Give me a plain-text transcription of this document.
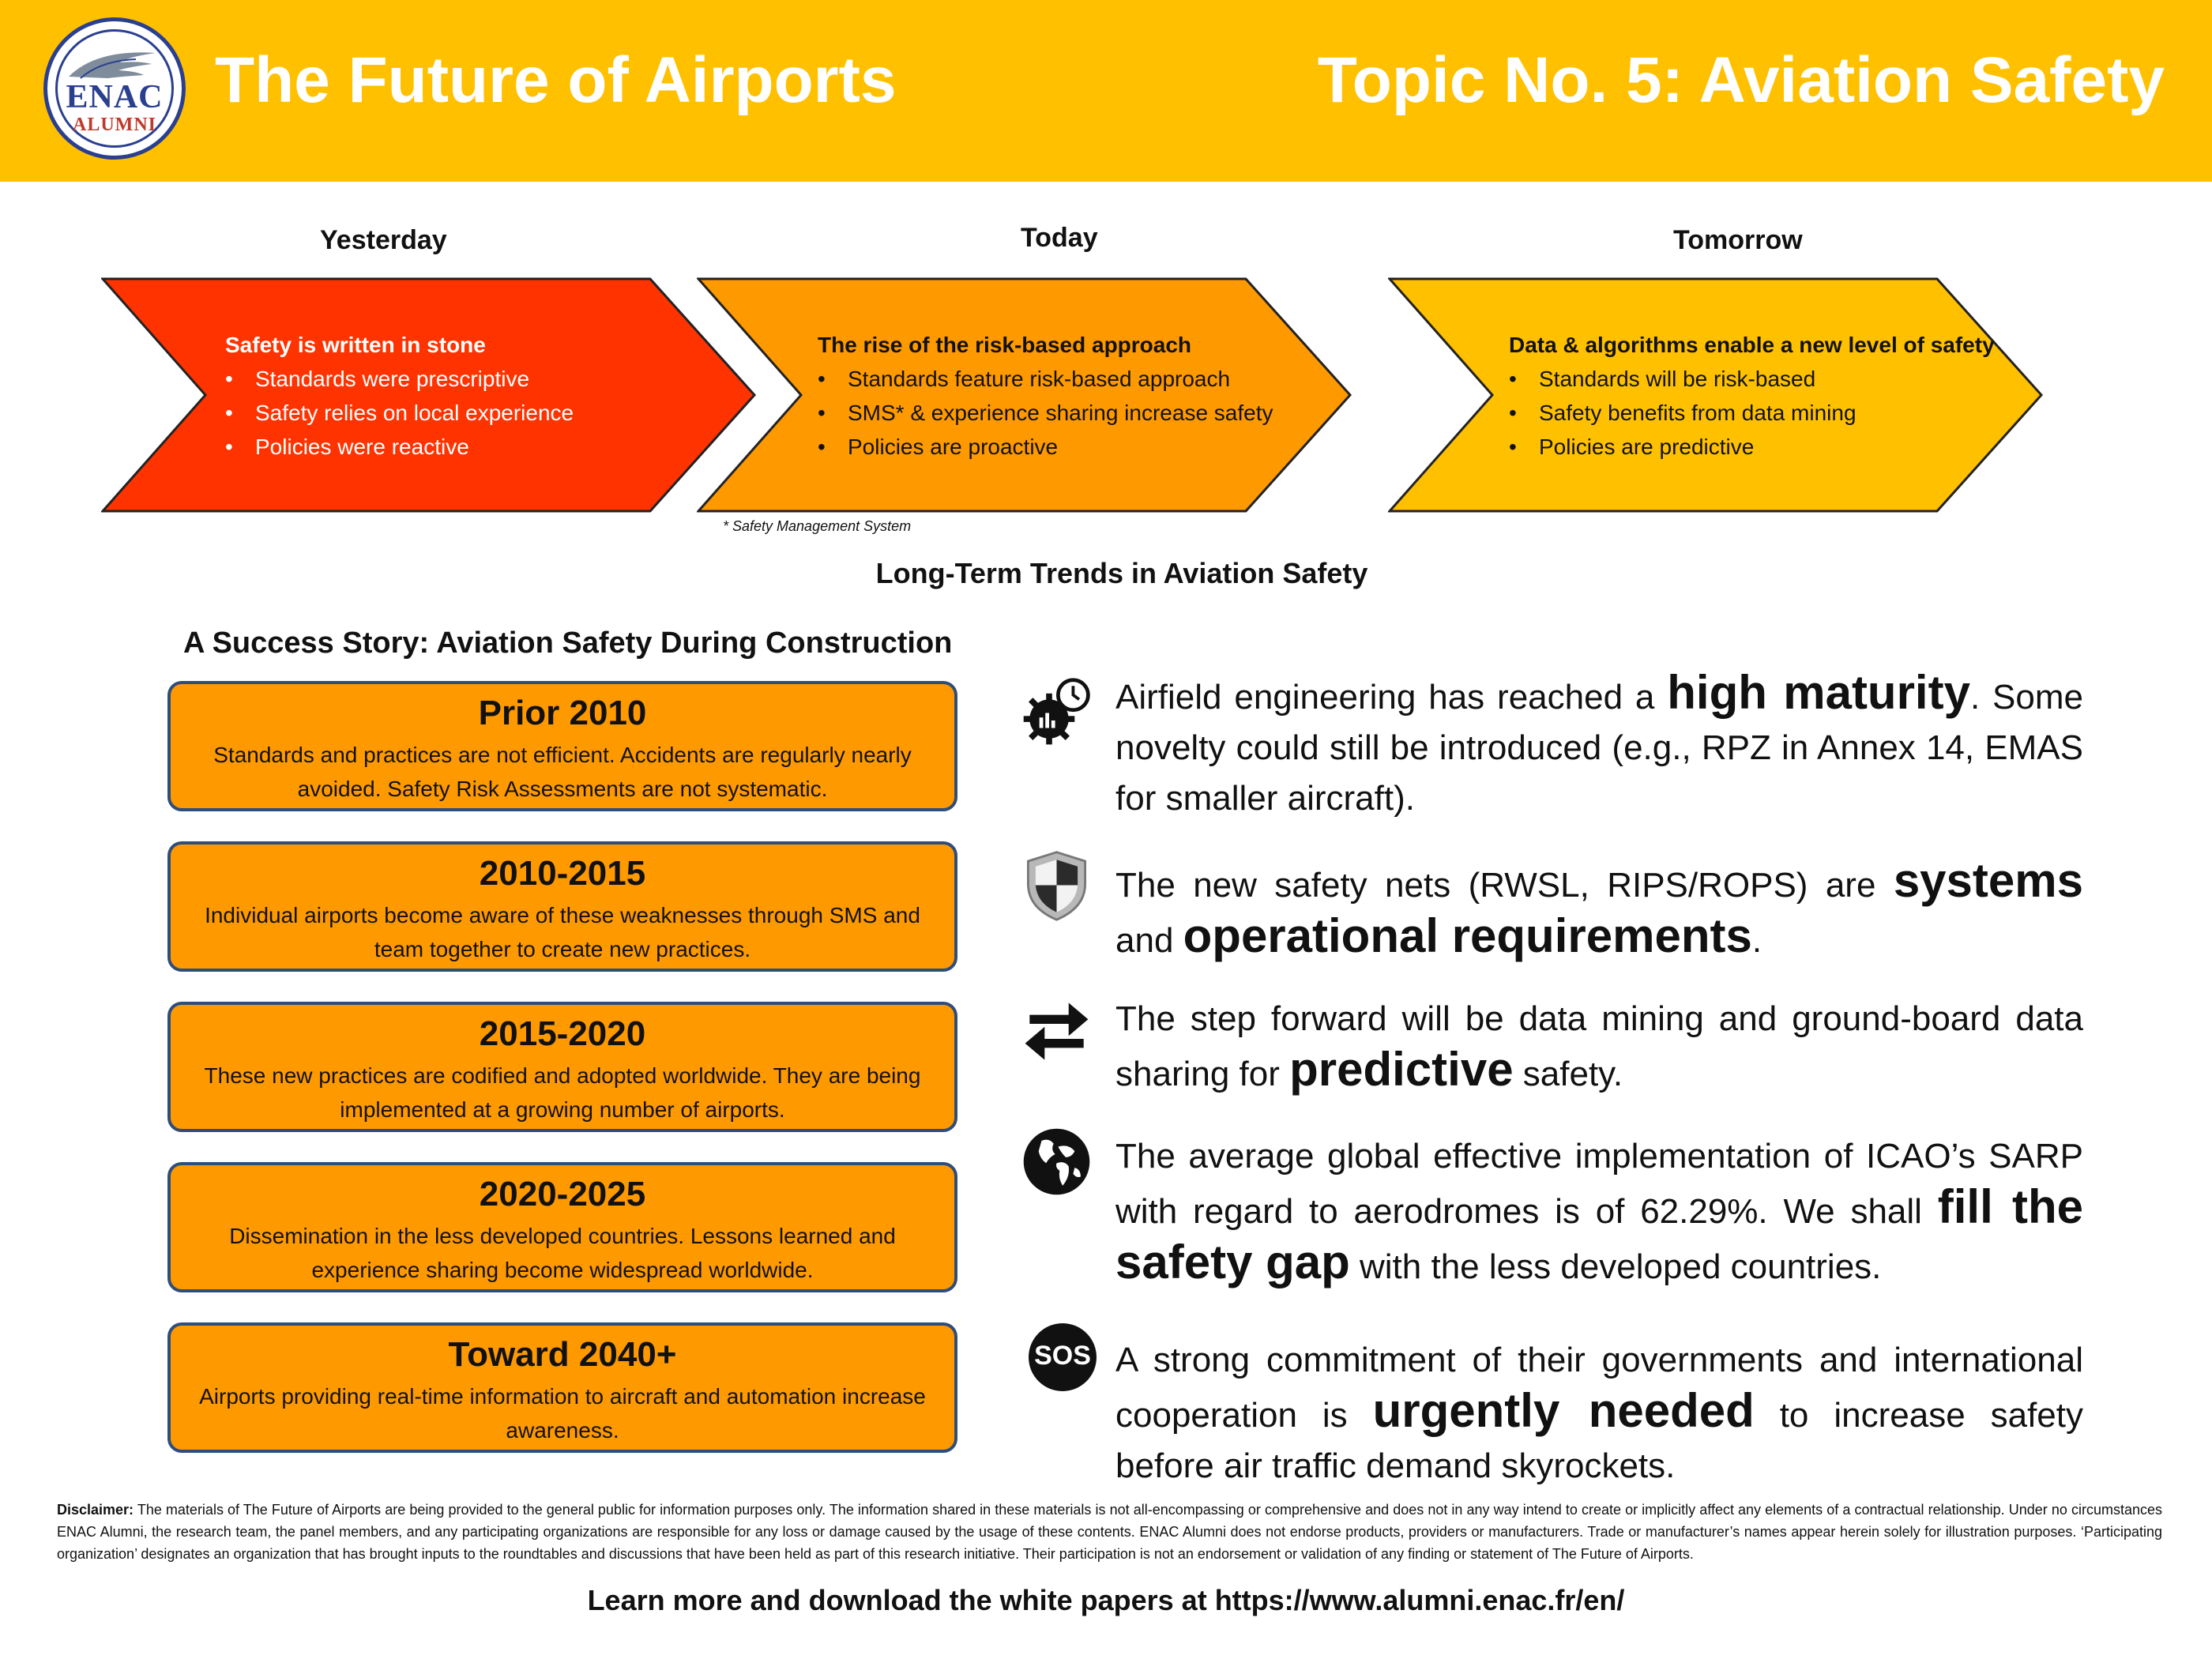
ENAC
ALUMNI
The Future of Airports	Topic No. 5: Aviation Safety
Yesterday	Today	Tomorrow
Safety is written in stone
• Standards were prescriptive
• Safety relies on local experience
• Policies were reactive
The rise of the risk-based approach
• Standards feature risk-based approach
• SMS* & experience sharing increase safety
• Policies are proactive
Data & algorithms enable a new level of safety
• Standards will be risk-based
• Safety benefits from data mining
• Policies are predictive
* Safety Management System
Long-Term Trends in Aviation Safety
A Success Story: Aviation Safety During Construction
Prior 2010
Standards and practices are not efficient. Accidents are regularly nearly avoided. Safety Risk Assessments are not systematic.
2010-2015
Individual airports become aware of these weaknesses through SMS and team together to create new practices.
2015-2020
These new practices are codified and adopted worldwide. They are being implemented at a growing number of airports.
2020-2025
Dissemination in the less developed countries. Lessons learned and experience sharing become widespread worldwide.
Toward 2040+
Airports providing real-time information to aircraft and automation increase awareness.
SOS
Airfield engineering has reached a high maturity. Some novelty could still be introduced (e.g., RPZ in Annex 14, EMAS for smaller aircraft).
The new safety nets (RWSL, RIPS/ROPS) are systems and operational requirements.
The step forward will be data mining and ground-board data sharing for predictive safety.
The average global effective implementation of ICAO’s SARP with regard to aerodromes is of 62.29%. We shall fill the safety gap with the less developed countries.
A strong commitment of their governments and international cooperation is urgently needed to increase safety before air traffic demand skyrockets.
Disclaimer: The materials of The Future of Airports are being provided to the general public for information purposes only. The information shared in these materials is not all-encompassing or comprehensive and does not in any way intend to create or implicitly affect any elements of a contractual relationship. Under no circumstances ENAC Alumni, the research team, the panel members, and any participating organizations are responsible for any loss or damage caused by the usage of these contents. ENAC Alumni does not endorse products, providers or manufacturers. Trade or manufacturer’s names appear herein solely for illustration purposes. ‘Participating organization’ designates an organization that has brought inputs to the roundtables and discussions that have been held as part of this research initiative. Their participation is not an endorsement or validation of any finding or statement of The Future of Airports.
Learn more and download the white papers at https://www.alumni.enac.fr/en/
